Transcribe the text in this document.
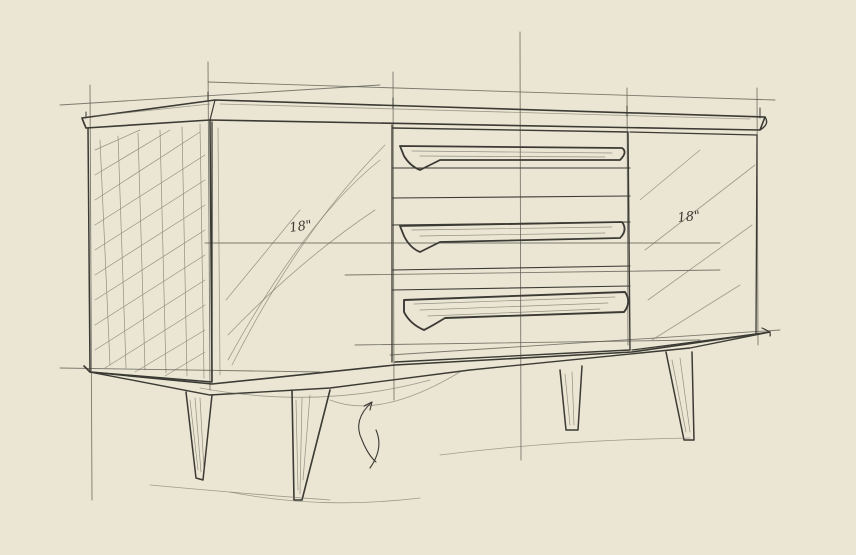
18"
18"
